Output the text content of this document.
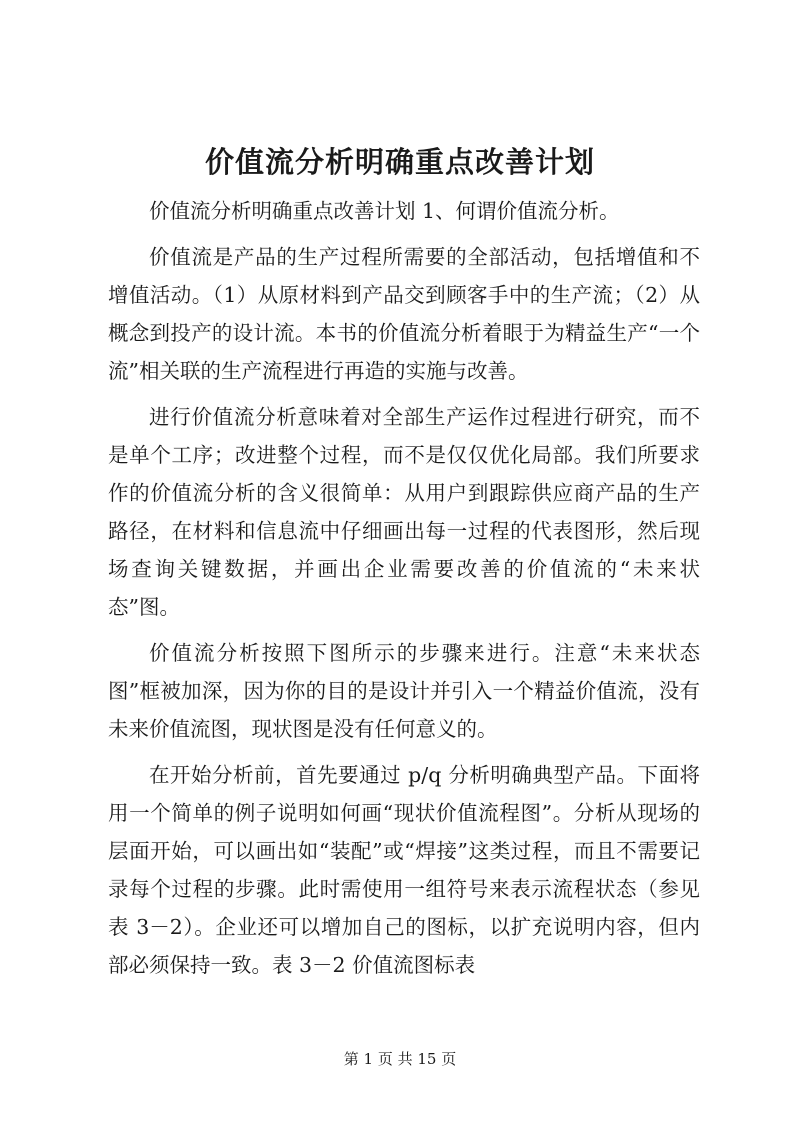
价值流分析明确重点改善计划

价值流分析明确重点改善计划 1、何谓价值流分析。

价值流是产品的生产过程所需要的全部活动，包括增值和不增值活动。（1）从原材料到产品交到顾客手中的生产流；（2）从概念到投产的设计流。本书的价值流分析着眼于为精益生产“一个流”相关联的生产流程进行再造的实施与改善。

进行价值流分析意味着对全部生产运作过程进行研究，而不是单个工序；改进整个过程，而不是仅仅优化局部。我们所要求作的价值流分析的含义很简单：从用户到跟踪供应商产品的生产路径，在材料和信息流中仔细画出每一过程的代表图形，然后现场查询关键数据，并画出企业需要改善的价值流的“未来状态”图。

价值流分析按照下图所示的步骤来进行。注意“未来状态图”框被加深，因为你的目的是设计并引入一个精益价值流，没有未来价值流图，现状图是没有任何意义的。

在开始分析前，首先要通过 p/q 分析明确典型产品。下面将用一个简单的例子说明如何画“现状价值流程图”。分析从现场的层面开始，可以画出如“装配”或“焊接”这类过程，而且不需要记录每个过程的步骤。此时需使用一组符号来表示流程状态（参见表 3－2）。企业还可以增加自己的图标，以扩充说明内容，但内部必须保持一致。表 3－2 价值流图标表

第 1 页 共 15 页
